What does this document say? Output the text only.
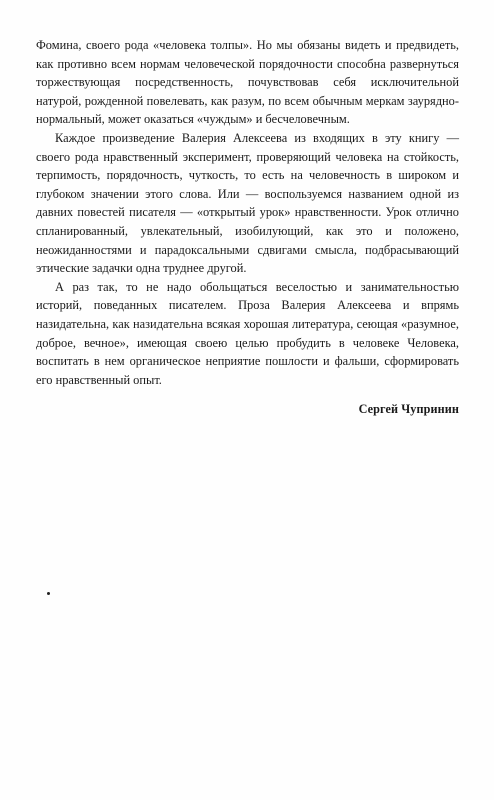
Фомина, своего рода «человека толпы». Но мы обязаны видеть и предвидеть, как противно всем нормам человеческой порядочности способна развернуться торжествующая посредственность, почувствовав себя исключительной натурой, рожденной повелевать, как разум, по всем обычным меркам заурядно-нормальный, может оказаться «чуждым» и бесчеловечным.

Каждое произведение Валерия Алексеева из входящих в эту книгу — своего рода нравственный эксперимент, проверяющий человека на стойкость, терпимость, порядочность, чуткость, то есть на человечность в широком и глубоком значении этого слова. Или — воспользуемся названием одной из давних повестей писателя — «открытый урок» нравственности. Урок отлично спланированный, увлекательный, изобилующий, как это и положено, неожиданностями и парадоксальными сдвигами смысла, подбрасывающий этические задачки одна труднее другой.

А раз так, то не надо обольщаться веселостью и занимательностью историй, поведанных писателем. Проза Валерия Алексеева и впрямь назидательна, как назидательна всякая хорошая литература, сеющая «разумное, доброе, вечное», имеющая своею целью пробудить в человеке Человека, воспитать в нем органическое неприятие пошлости и фальши, сформировать его нравственный опыт.

Сергей Чупринин
